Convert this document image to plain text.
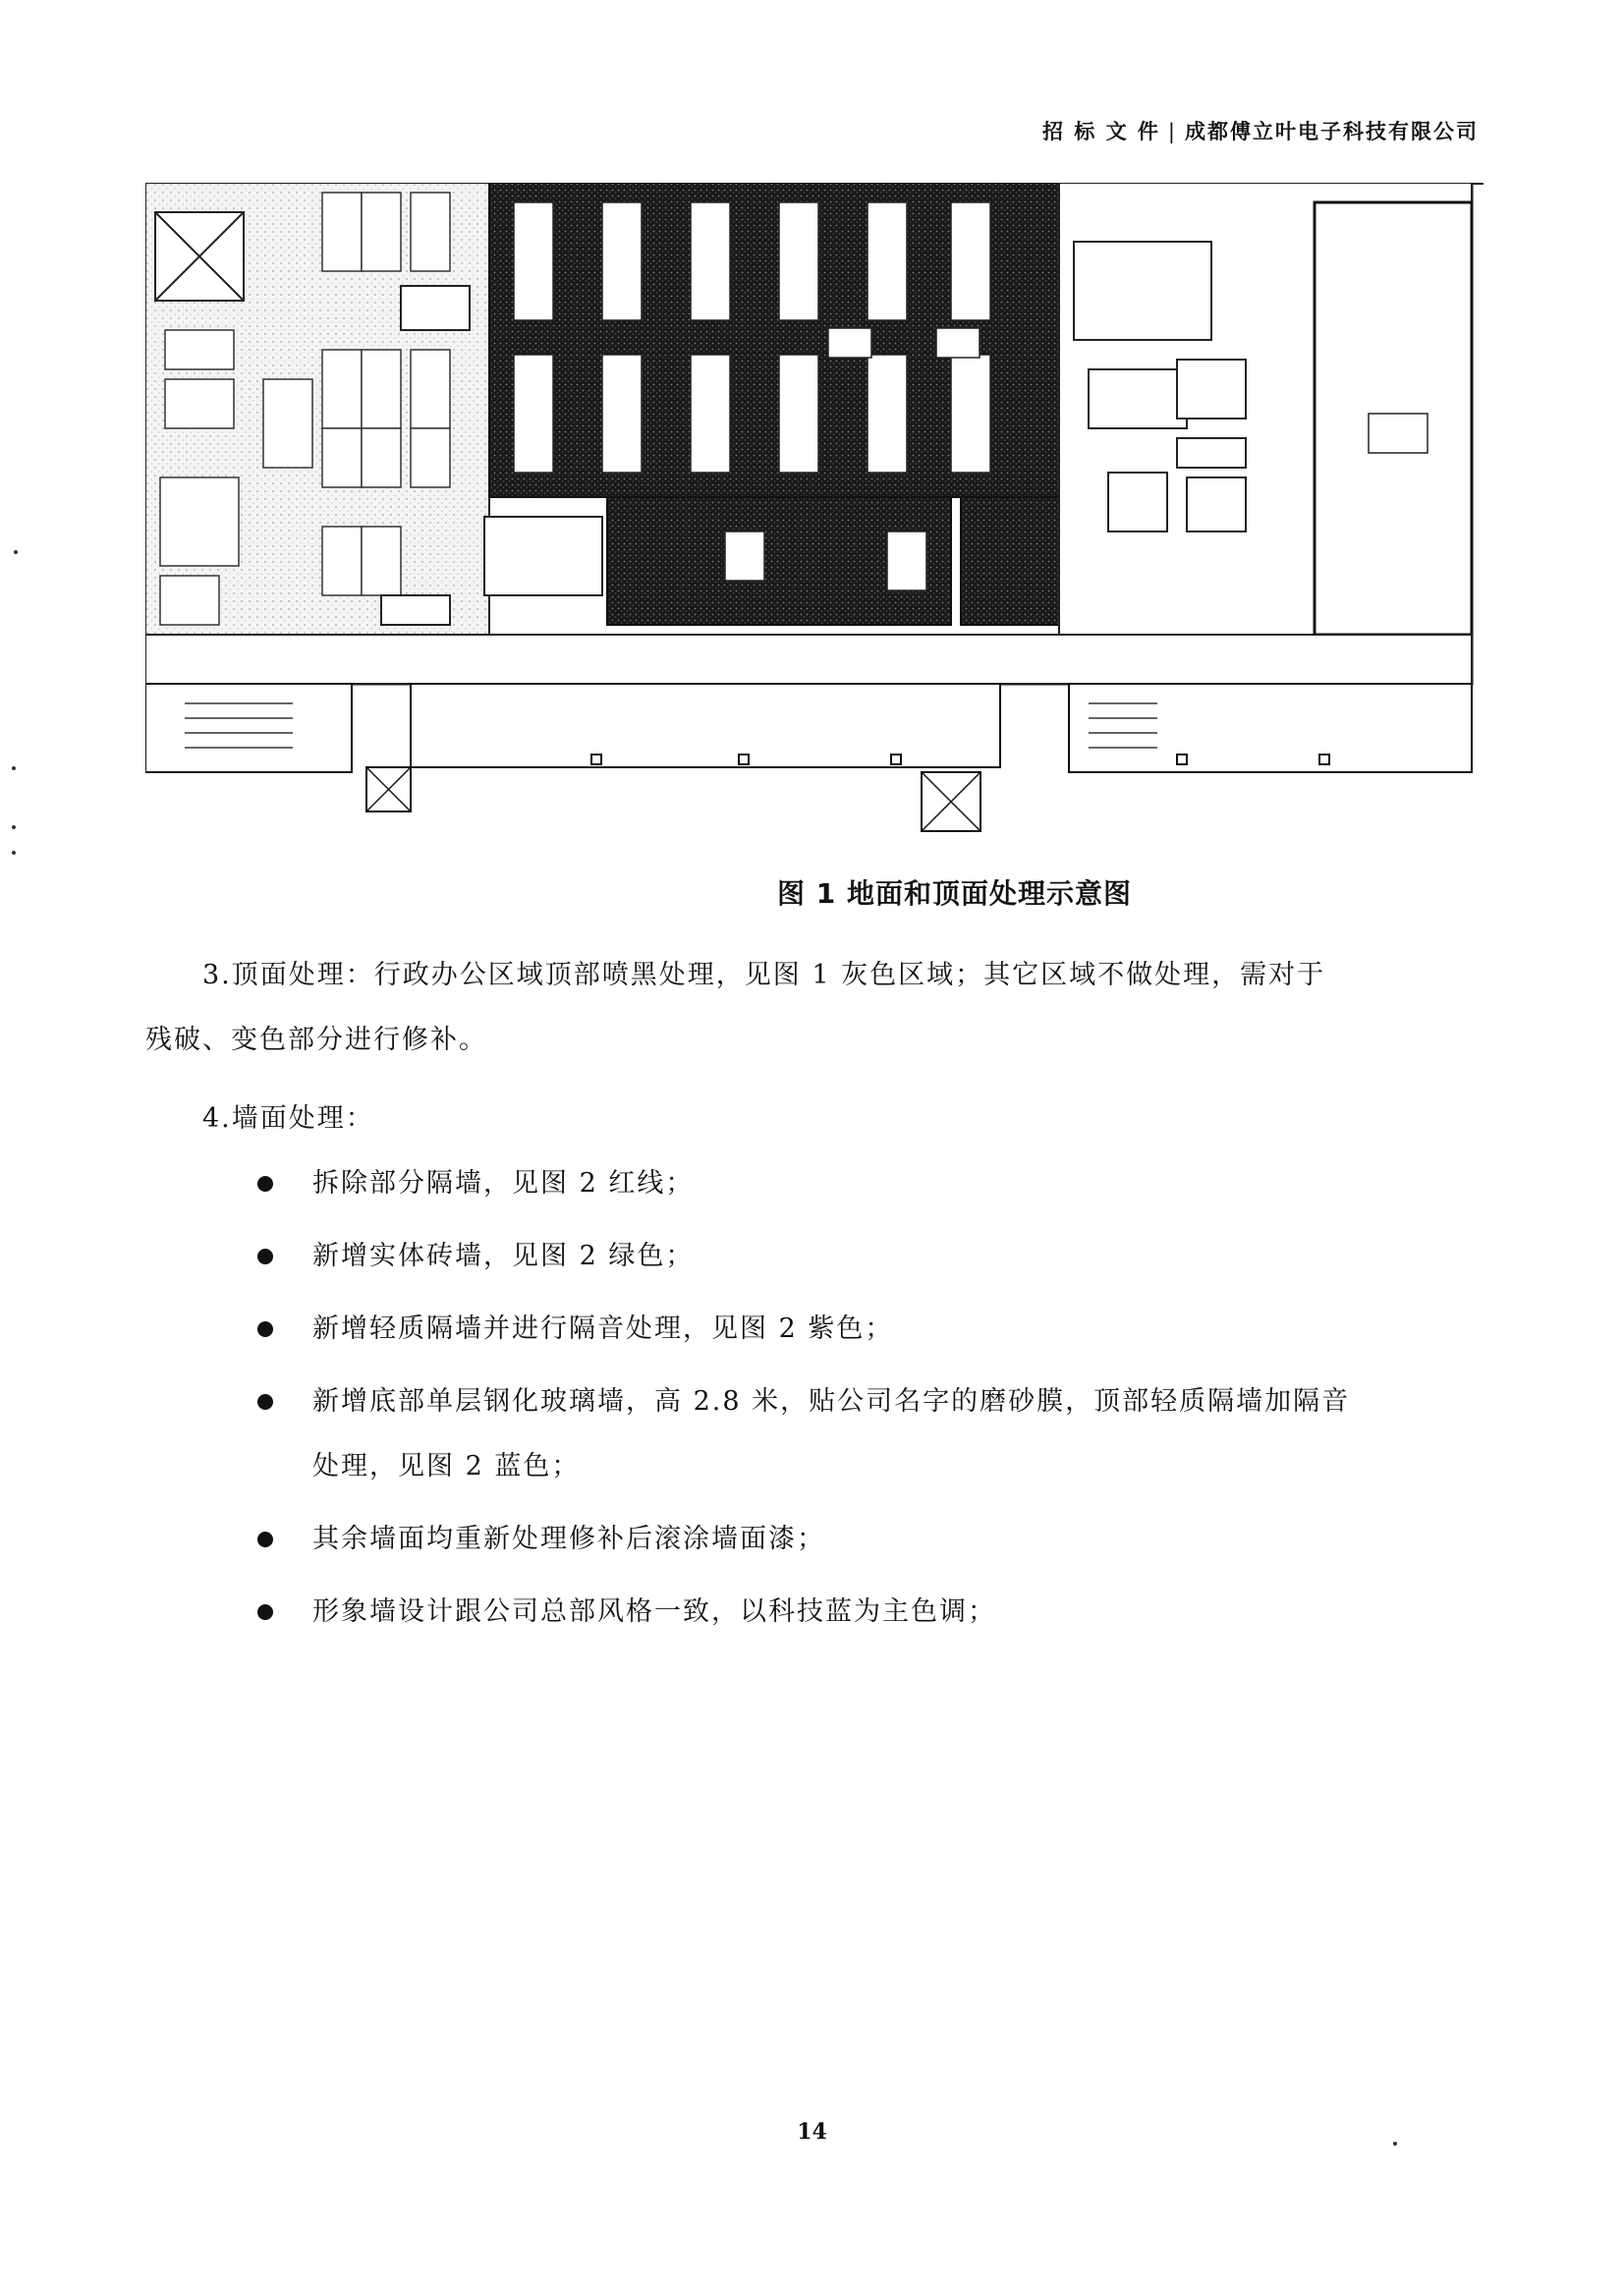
招 标 文 件 | 成都傅立叶电子科技有限公司
图 1 地面和顶面处理示意图
3.顶面处理：行政办公区域顶部喷黑处理，见图 1 灰色区域；其它区域不做处理，需对于
残破、变色部分进行修补。
4.墙面处理：
拆除部分隔墙，见图 2 红线；
新增实体砖墙，见图 2 绿色；
新增轻质隔墙并进行隔音处理，见图 2 紫色；
新增底部单层钢化玻璃墙，高 2.8 米，贴公司名字的磨砂膜，顶部轻质隔墙加隔音
处理，见图 2 蓝色；
其余墙面均重新处理修补后滚涂墙面漆；
形象墙设计跟公司总部风格一致，以科技蓝为主色调；
14
